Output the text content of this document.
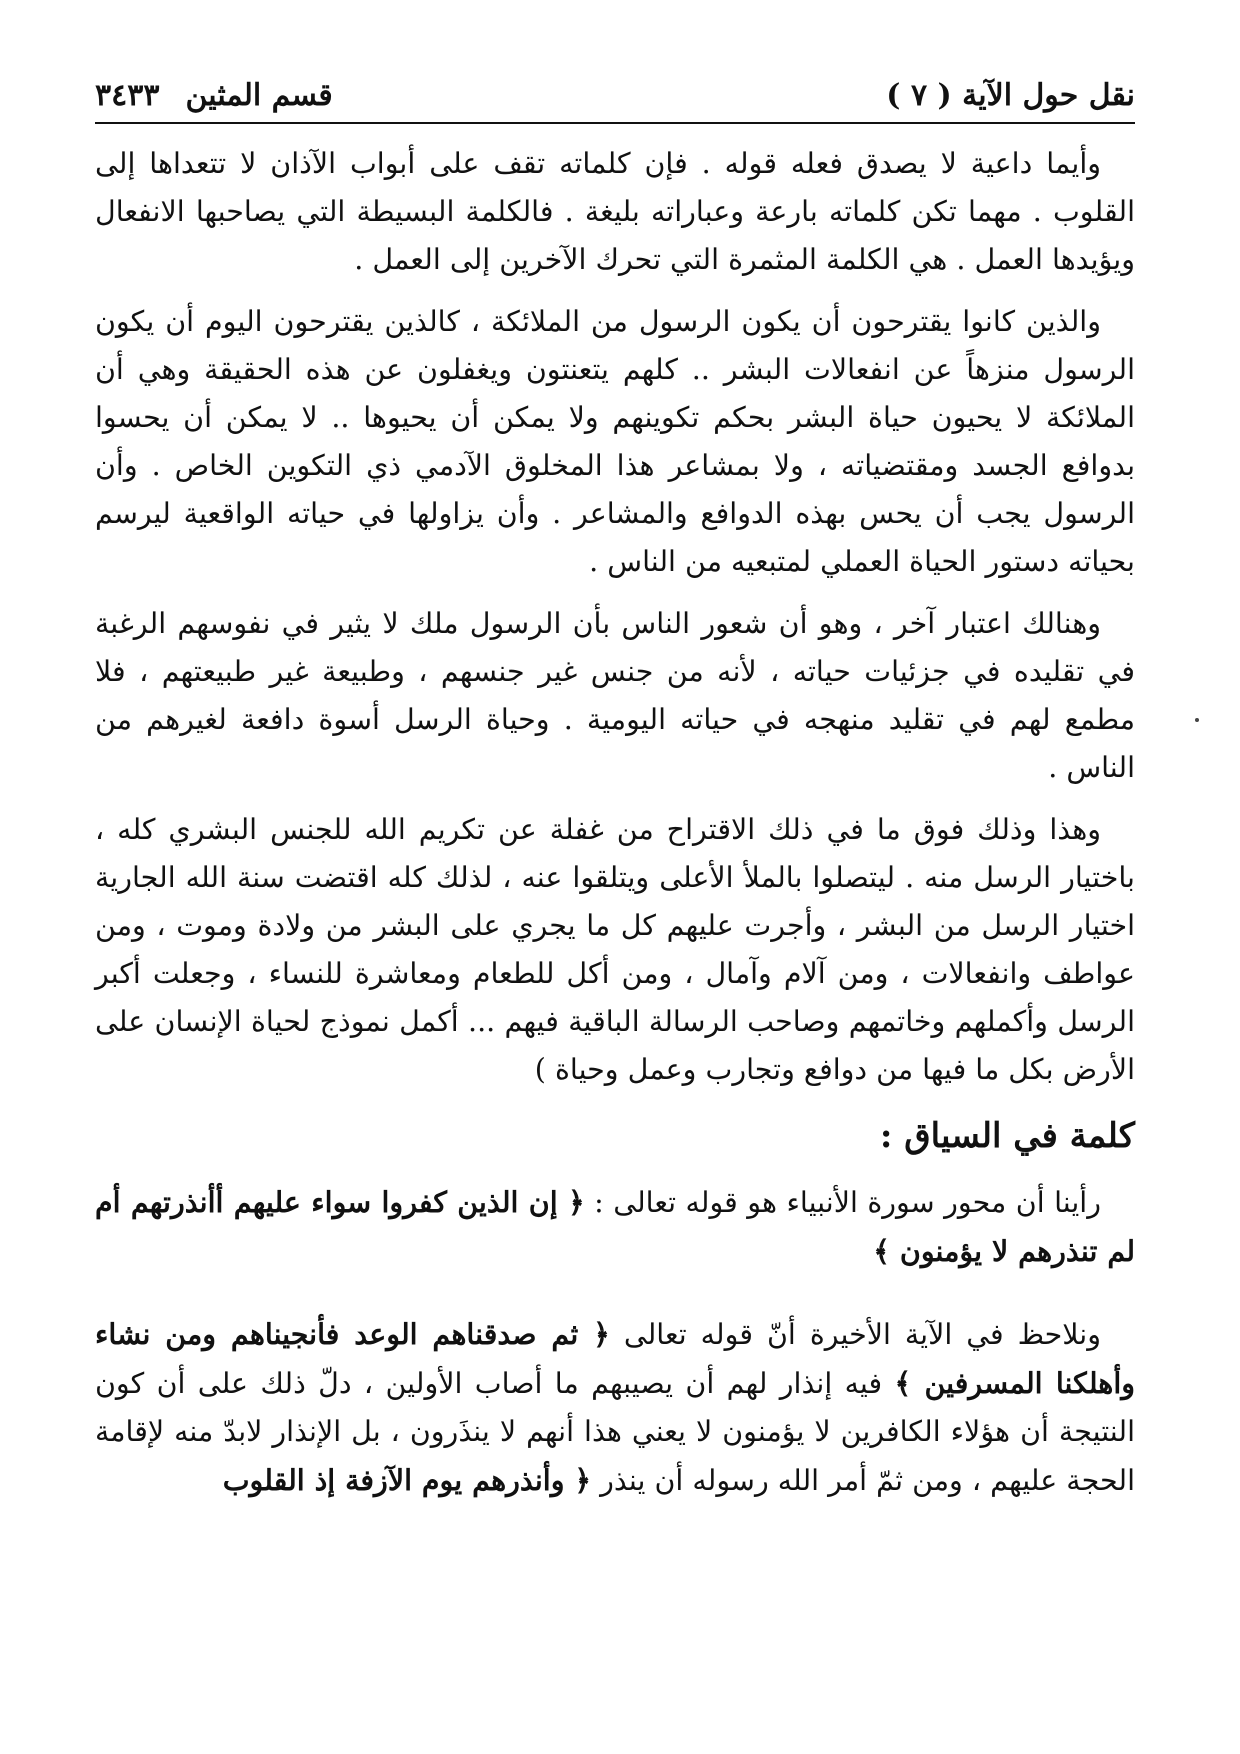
نقل حول الآية ( ٧ )
قسم المثين٣٤٣٣

وأيما داعية لا يصدق فعله قوله . فإن كلماته تقف على أبواب الآذان لا تتعداها إلى القلوب . مهما تكن كلماته بارعة وعباراته بليغة . فالكلمة البسيطة التي يصاحبها الانفعال ويؤيدها العمل . هي الكلمة المثمرة التي تحرك الآخرين إلى العمل .

والذين كانوا يقترحون أن يكون الرسول من الملائكة ، كالذين يقترحون اليوم أن يكون الرسول منزهاً عن انفعالات البشر .. كلهم يتعنتون ويغفلون عن هذه الحقيقة وهي أن الملائكة لا يحيون حياة البشر بحكم تكوينهم ولا يمكن أن يحيوها .. لا يمكن أن يحسوا بدوافع الجسد ومقتضياته ، ولا بمشاعر هذا المخلوق الآدمي ذي التكوين الخاص . وأن الرسول يجب أن يحس بهذه الدوافع والمشاعر . وأن يزاولها في حياته الواقعية ليرسم بحياته دستور الحياة العملي لمتبعيه من الناس .

وهنالك اعتبار آخر ، وهو أن شعور الناس بأن الرسول ملك لا يثير في نفوسهم الرغبة في تقليده في جزئيات حياته ، لأنه من جنس غير جنسهم ، وطبيعة غير طبيعتهم ، فلا مطمع لهم في تقليد منهجه في حياته اليومية . وحياة الرسل أسوة دافعة لغيرهم من الناس .

وهذا وذلك فوق ما في ذلك الاقتراح من غفلة عن تكريم الله للجنس البشري كله ، باختيار الرسل منه . ليتصلوا بالملأ الأعلى ويتلقوا عنه ، لذلك كله اقتضت سنة الله الجارية اختيار الرسل من البشر ، وأجرت عليهم كل ما يجري على البشر من ولادة وموت ، ومن عواطف وانفعالات ، ومن آلام وآمال ، ومن أكل للطعام ومعاشرة للنساء ، وجعلت أكبر الرسل وأكملهم وخاتمهم وصاحب الرسالة الباقية فيهم ... أكمل نموذج لحياة الإنسان على الأرض بكل ما فيها من دوافع وتجارب وعمل وحياة )

كلمة في السياق :

رأينا أن محور سورة الأنبياء هو قوله تعالى : ﴿ إن الذين كفروا سواء عليهم أأنذرتهم أم لم تنذرهم لا يؤمنون ﴾

ونلاحظ في الآية الأخيرة أنّ قوله تعالى ﴿ ثم صدقناهم الوعد فأنجيناهم ومن نشاء وأهلكنا المسرفين ﴾ فيه إنذار لهم أن يصيبهم ما أصاب الأولين ، دلّ ذلك على أن كون النتيجة أن هؤلاء الكافرين لا يؤمنون لا يعني هذا أنهم لا ينذَرون ، بل الإنذار لابدّ منه لإقامة الحجة عليهم ، ومن ثمّ أمر الله رسوله أن ينذر ﴿ وأنذرهم يوم الآزفة إذ القلوب
